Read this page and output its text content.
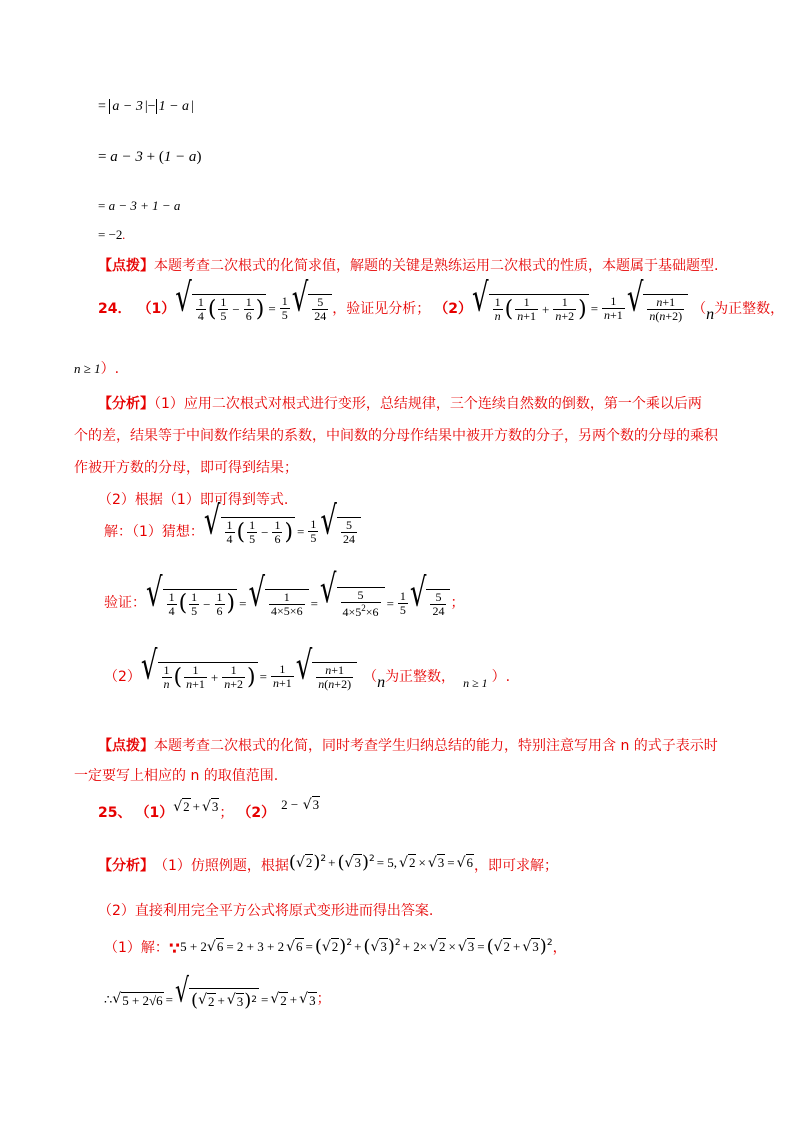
= a − 3 |− 1 − a |
= a − 3 + (1 − a)
= a − 3 + 1 − a
= −2.
【点拨】本题考查二次根式的化简求值，解题的关键是熟练运用二次根式的性质，本题属于基础题型.
24． （1） √ 1
4 ( 1
$5 - \frac{1}{6}$ ) = $\frac{1}{5}$ √ 5
24 ，验证见分析； （2） √ 1
n ( 1
$n+1 + \frac{1}{n+2}$ ) = $\frac{1}{n+1}$ √ n+1
n(n+2) （ n 为正整数，
n ≥ 1）.
【分析】（1）应用二次根式对根式进行变形，总结规律，三个连续自然数的倒数，第一个乘以后两
个的差，结果等于中间数作结果的系数，中间数的分母作结果中被开方数的分子，另两个数的分母的乘积
作被开方数的分母，即可得到结果；
（2）根据（1）即可得到等式.
解：（1）猜想： √ 1
4 ( 1
$5 - \frac{1}{6}$ ) = $\frac{1}{5}$ √ 5
24
验证： √ 1
4 ( 1
$5 - \frac{1}{6}$ ) = √ 1
4×5×6 = √ 5
$4\times 5^2\times 6$
= $\frac{1}{5}$ √ 5
24 ；
（2） √ 1
n ( 1
$n+1 + \frac{1}{n+2}$ ) = $\frac{1}{n+1}$ √ n+1
n(n+2) （ n 为正整数， n ≥ 1 ）.
【点拨】本题考查二次根式的化简，同时考查学生归纳总结的能力，特别注意写用含 n 的式子表示时
一定要写上相应的 n 的取值范围.
25、 （1） √2 + √3 ； （2）
2 − √3
【分析】 （1）仿照例题，根据 $(√2)^2 + (√3)^2 = 5$, √2 × √3 = √6 ，即可求解；
（2）直接利用完全平方公式将原式变形进而得出答案.
（1）解： ∵ 5 + 2√6 = 2 + 3 + 2 $√6 = (√2)^2 + (√3)^2 + 2\times √2 \times √3 = (√2 + √3)^2$ ，
∴ √ 5 + 2√6 = √ ( √ 2 + √ 3 ) 2 = √ 2 + √ 3 ；
